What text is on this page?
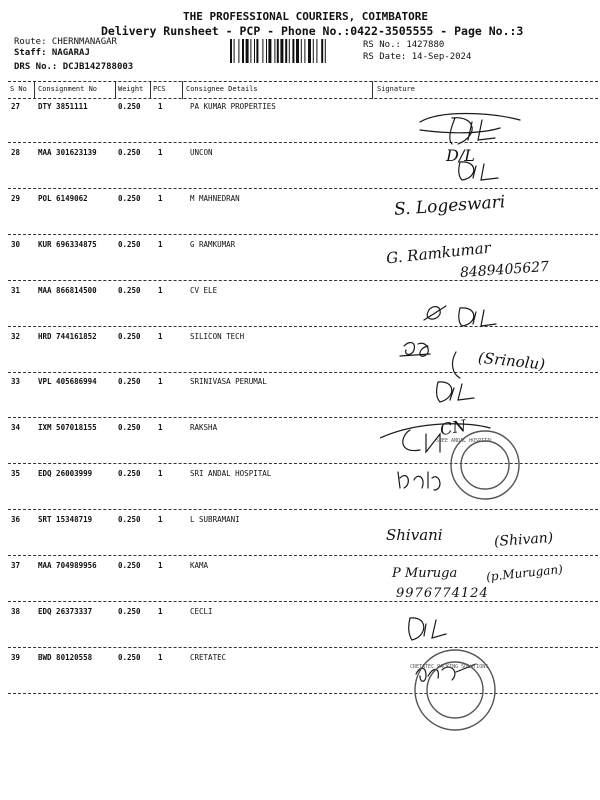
THE PROFESSIONAL COURIERS, COIMBATORE
Delivery Runsheet - PCP - Phone No.:0422-3505555 - Page No.:3
Route: CHERNMANAGAR
Staff: NAGARAJ
DRS No.: DCJB142788003
RS No.: 1427880
RS Date: 14-Sep-2024
S No Consignment No	Weight PCS	Consignee Details	Signature
27 DTY 3851111	0.250 1	PA KUMAR PROPERTIES
28 MAA 301623139	0.250 1	UNCON
29 POL 6149062	0.250 1	M MAHNEDRAN
30 KUR 696334875	0.250 1	G RAMKUMAR
31 MAA 866814500	0.250 1	CV ELE
32 HRD 744161852	0.250 1	SILICON TECH
33 VPL 405686994	0.250 1	SRINIVASA PERUMAL
34 IXM 507018155	0.250 1	RAKSHA
35 EDQ 26003999	0.250 1	SRI ANDAL HOSPITAL
36 SRT 15348719	0.250 1	L SUBRAMANI
37 MAA 704989956	0.250 1	KAMA
38 EDQ 26373337	0.250 1	CECLI
39 BWD 80120558	0.250 1	CRETATEC
S. Logeswari
G. Ramkumar
8489405627
(Srinolu)
Shivani	(Shivan)
P Muruga (p.Murugan)
9976774124
D/L
CN
SREE ANDAL HOSPITAL
CRETATEC PACKING SOLUTIONS
